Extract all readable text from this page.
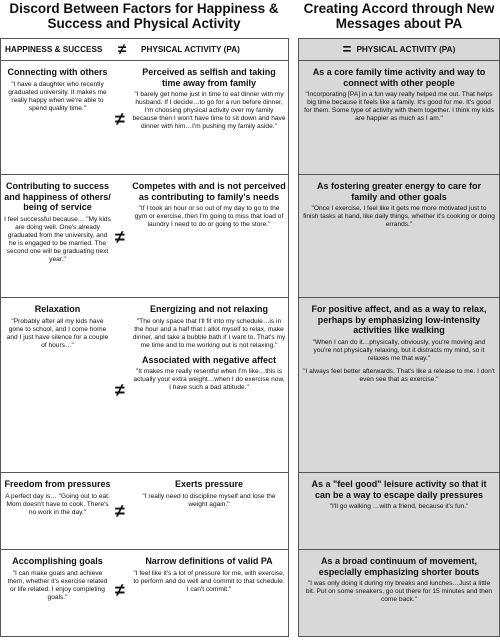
Discord Between Factors for Happiness & Success and Physical Activity
Creating Accord through New Messages about PA
HAPPINESS & SUCCESS ≠ PHYSICAL ACTIVITY (PA)
Connecting with others
"I have a daughter who recently graduated university. It makes me really happy when we're able to spend quality time."
≠
Perceived as selfish and taking time away from family
"I barely get home just in time to eat dinner with my husband. If I decide…to go for a run before dinner, I'm choosing physical activity over my family because then I won't have time to sit down and have dinner with him…I'm pushing my family aside."
Contributing to success and happiness of others/ being of service
I feel successful because… "My kids are doing well. One's already graduated from the university, and he is engaged to be married. The second one will be graduating next year."
≠
Competes with and is not perceived as contributing to family's needs
"If I took an hour or so out of my day to go to the gym or exercise, then I'm going to miss that load of laundry I need to do or going to the store."
Relaxation
"Probably after all my kids have gone to school, and I come home and I just have silence for a couple of hours…"
≠
Energizing and not relaxing
"The only space that I'll fit into my schedule…is in the hour and a half that I allot myself to relax, make dinner, and take a bubble bath if I want to. That's my me time and to me working out is not relaxing."
Associated with negative affect
"It makes me really resentful when I'm like…this is actually your extra weight…when I do exercise now, I have such a bad attitude."
Freedom from pressures
A perfect day is… "Going out to eat. Mom doesn't have to cook. There's no work in the day."	≠
Exerts pressure
"I really need to discipline myself and lose the weight again."
Accomplishing goals
"I can make goals and achieve them, whether it's exercise related or life related. I enjoy completing goals."	≠
Narrow definitions of valid PA
"I feel like it's a lot of pressure for me, with exercise, to perform and do well and commit to that schedule. I can't commit."
= PHYSICAL ACTIVITY (PA)
As a core family time activity and way to connect with other people
"Incorporating [PA] in a fun way really helped me out. That helps big time because it feels like a family. It's good for me. It's good for them. Some type of activity with them together. I think my kids are happier as much as I am."
As fostering greater energy to care for family and other goals
"Once I exercise, I feel like it gets me more motivated just to finish tasks at hand, like daily things, whether it's cooking or doing errands."
For positive affect, and as a way to relax, perhaps by emphasizing low-intensity activities like walking
"When I can do it…physically, obviously, you're moving and you're not physically relaxing, but it distracts my mind, so it relaxes me that way."
"I always feel better afterwards. That's like a release to me. I don't even see that as exercise."
As a "feel good" leisure activity so that it can be a way to escape daily pressures
"I'll go walking …with a friend, because it's fun."
As a broad continuum of movement, especially emphasizing shorter bouts
"I was only doing it during my breaks and lunches…Just a little bit. Put on some sneakers, go out there for 15 minutes and then come back."
